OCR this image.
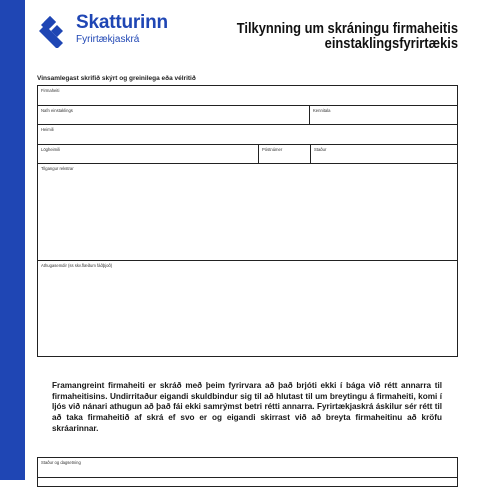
Skatturinn
Fyrirtækjaskrá
Tilkynning um skráningu firmaheitis
einstaklingsfyrirtækis
Vinsamlegast skrifið skýrt og greinilega eða vélritið
Firmaheiti
Nafn einstaklings	Kennitala
Heimili
Lögheimili	Póstnúmer	Staður
Tilgangur rekstrar
Athugasemdir (ss skv.flæðum fáðþjoð)
Framangreint firmaheiti er skráð með þeim fyrirvara að það brjóti ekki í bága við rétt annarra til firmaheitisins. Undirritaður eigandi skuldbindur sig til að hlutast til um breytingu á firmaheiti, komi í ljós við nánari athugun að það fái ekki samrýmst betri rétti annarra. Fyrirtækjaskrá áskilur sér rétt til að taka firmaheitið af skrá ef svo er og eigandi skirrast við að breyta firmaheitinu að kröfu skráarinnar.
Staður og dagsetning
